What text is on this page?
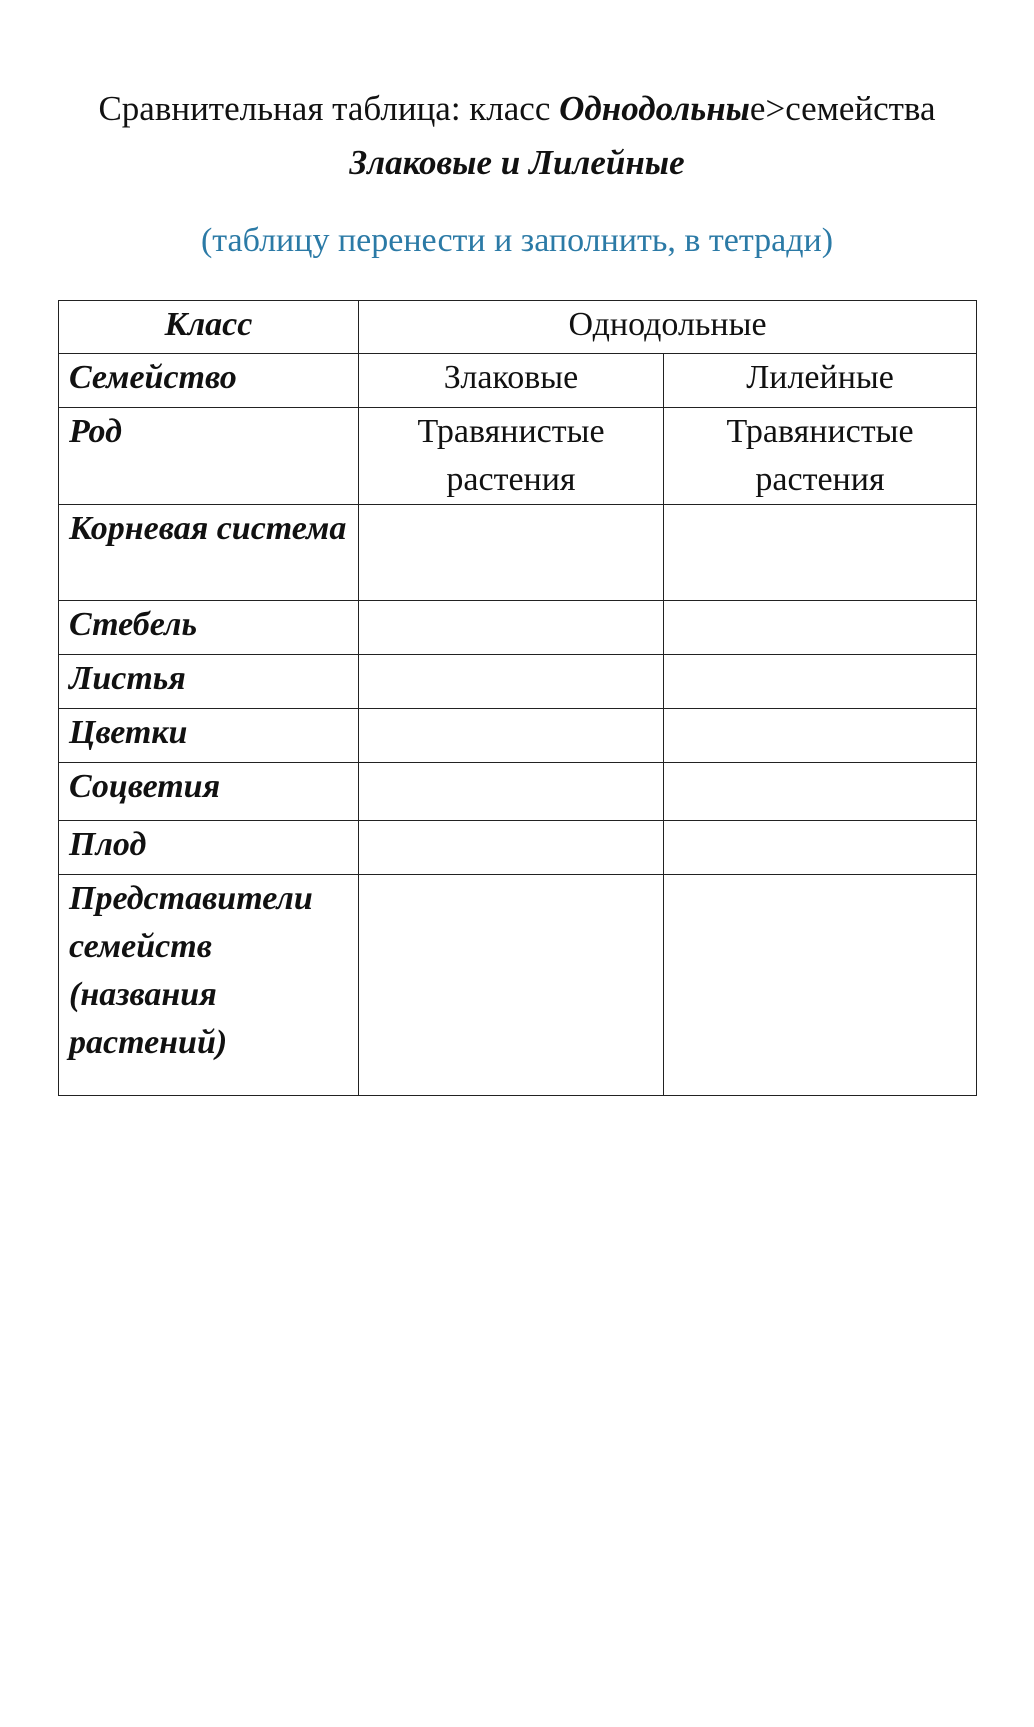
Сравнительная таблица: класс Однодольные>семейства
Злаковые и Лилейные
(таблицу перенести и заполнить, в тетради)
Класс	Однодольные	
Семейство	Злаковые	Лилейные
Род	Травянистые растения	Травянистые растения
Корневая система		
Стебель		
Листья		
Цветки		
Соцветия		
Плод		
Представители семейств (названия растений)		
